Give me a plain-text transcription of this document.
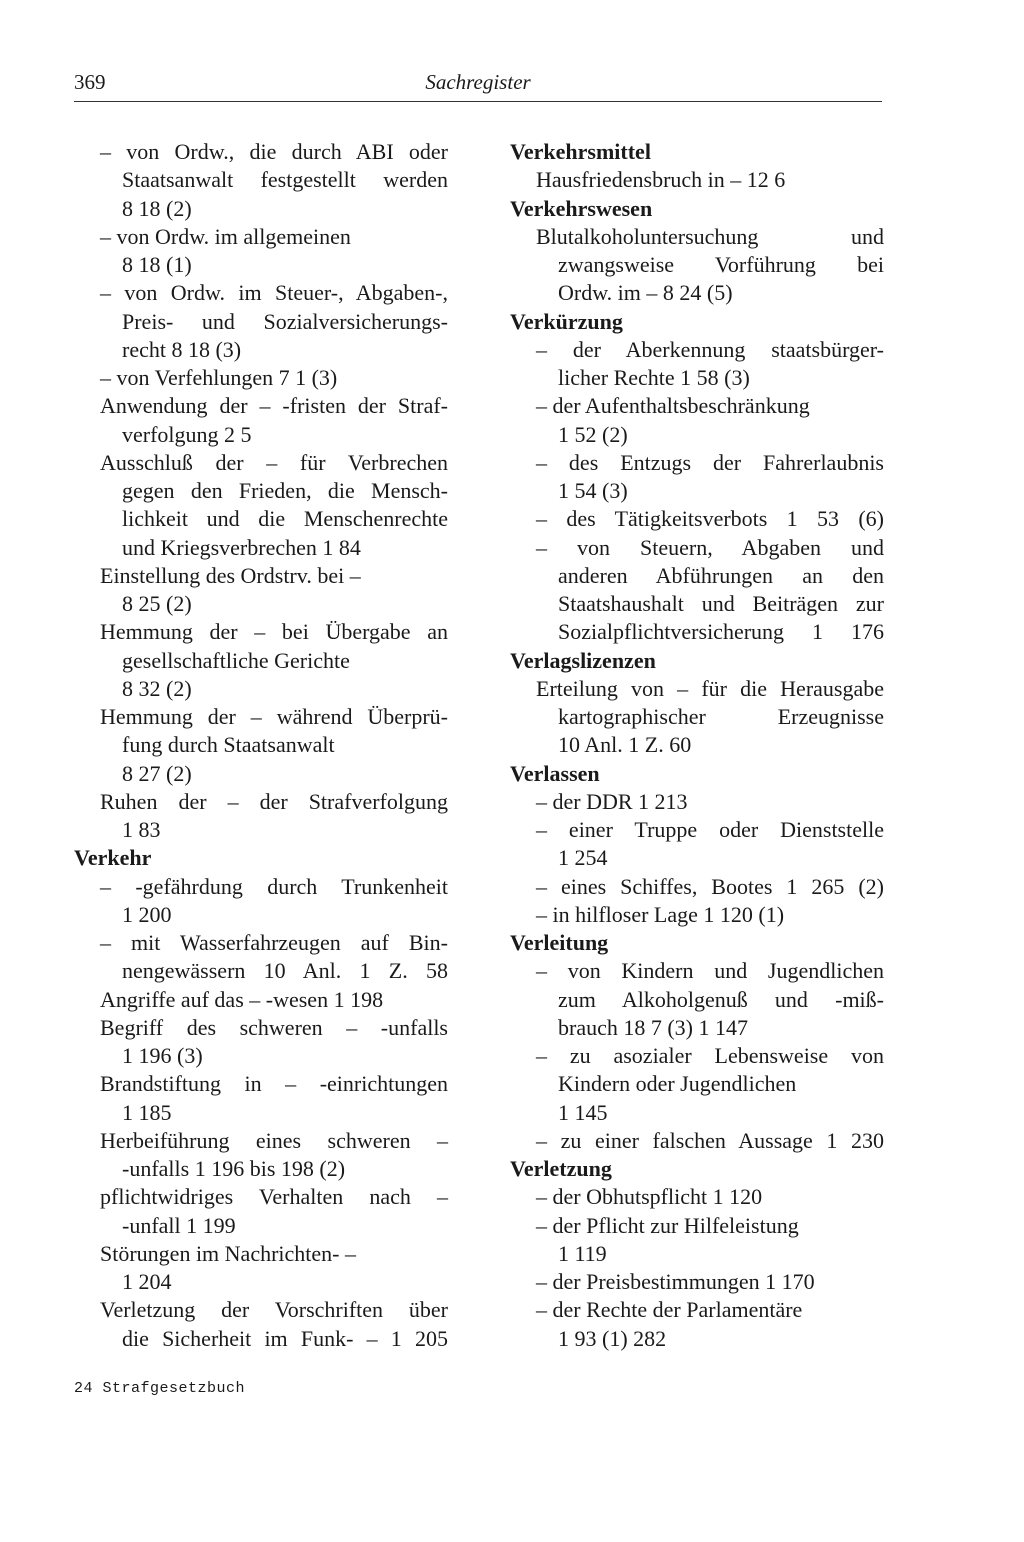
369	Sachregister
– von Ordw., die durch ABI oder
Staatsanwalt festgestellt werden
8 18 (2)
– von Ordw. im allgemeinen
8 18 (1)
– von Ordw. im Steuer-, Abgaben-,
Preis- und Sozialversicherungs-
recht 8 18 (3)
– von Verfehlungen 7 1 (3)
Anwendung der – -fristen der Straf-
verfolgung 2 5
Ausschluß der – für Verbrechen
gegen den Frieden, die Mensch-
lichkeit und die Menschenrechte
und Kriegsverbrechen 1 84
Einstellung des Ordstrv. bei –
8 25 (2)
Hemmung der – bei Übergabe an
gesellschaftliche Gerichte
8 32 (2)
Hemmung der – während Überprü-
fung durch Staatsanwalt
8 27 (2)
Ruhen der – der Strafverfolgung
1 83
Verkehr
– -gefährdung durch Trunkenheit
1 200
– mit Wasserfahrzeugen auf Bin-
nengewässern 10 Anl. 1 Z. 58
Angriffe auf das – -wesen 1 198
Begriff des schweren – -unfalls
1 196 (3)
Brandstiftung in – -einrichtungen
1 185
Herbeiführung eines schweren –
-unfalls 1 196 bis 198 (2)
pflichtwidriges Verhalten nach –
-unfall 1 199
Störungen im Nachrichten- –
1 204
Verletzung der Vorschriften über
die Sicherheit im Funk- – 1 205
Verkehrsmittel
Hausfriedensbruch in – 12 6
Verkehrswesen
Blutalkoholuntersuchung und
zwangsweise Vorführung bei
Ordw. im – 8 24 (5)
Verkürzung
– der Aberkennung staatsbürger-
licher Rechte 1 58 (3)
– der Aufenthaltsbeschränkung
1 52 (2)
– des Entzugs der Fahrerlaubnis
1 54 (3)
– des Tätigkeitsverbots 1 53 (6)
– von Steuern, Abgaben und
anderen Abführungen an den
Staatshaushalt und Beiträgen zur
Sozialpflichtversicherung 1 176
Verlagslizenzen
Erteilung von – für die Herausgabe
kartographischer Erzeugnisse
10 Anl. 1 Z. 60
Verlassen
– der DDR 1 213
– einer Truppe oder Dienststelle
1 254
– eines Schiffes, Bootes 1 265 (2)
– in hilfloser Lage 1 120 (1)
Verleitung
– von Kindern und Jugendlichen
zum Alkoholgenuß und -miß-
brauch 18 7 (3) 1 147
– zu asozialer Lebensweise von
Kindern oder Jugendlichen
1 145
– zu einer falschen Aussage 1 230
Verletzung
– der Obhutspflicht 1 120
– der Pflicht zur Hilfeleistung
1 119
– der Preisbestimmungen 1 170
– der Rechte der Parlamentäre
1 93 (1) 282
24 Strafgesetzbuch
